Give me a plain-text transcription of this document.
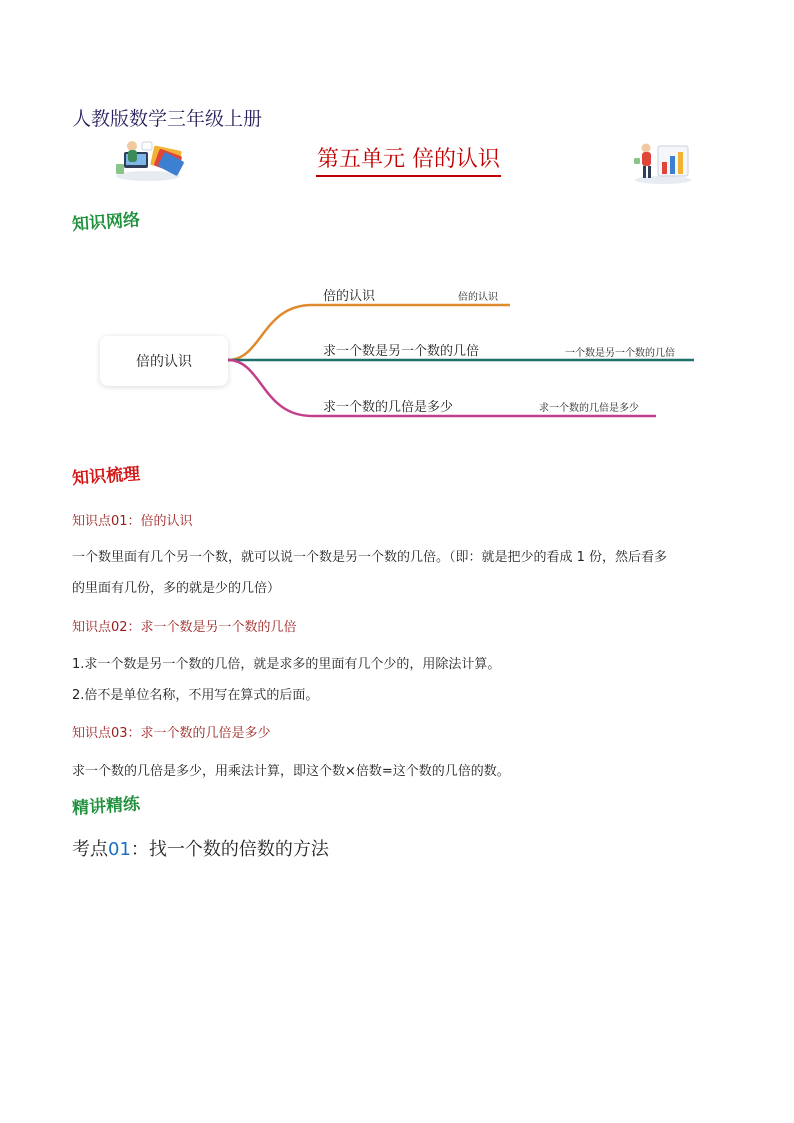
人教版数学三年级上册
第五单元 倍的认识
知识网络
倍的认识
倍的认识	倍的认识
求一个数是另一个数的几倍	一个数是另一个数的几倍
求一个数的几倍是多少	求一个数的几倍是多少
知识梳理
知识点01：倍的认识
一个数里面有几个另一个数，就可以说一个数是另一个数的几倍。（即：就是把少的看成 1 份，然后看多
的里面有几份，多的就是少的几倍）
知识点02：求一个数是另一个数的几倍
1.求一个数是另一个数的几倍，就是求多的里面有几个少的，用除法计算。
2.倍不是单位名称，不用写在算式的后面。
知识点03：求一个数的几倍是多少
求一个数的几倍是多少，用乘法计算，即这个数×倍数=这个数的几倍的数。
精讲精练
考点01：找一个数的倍数的方法
